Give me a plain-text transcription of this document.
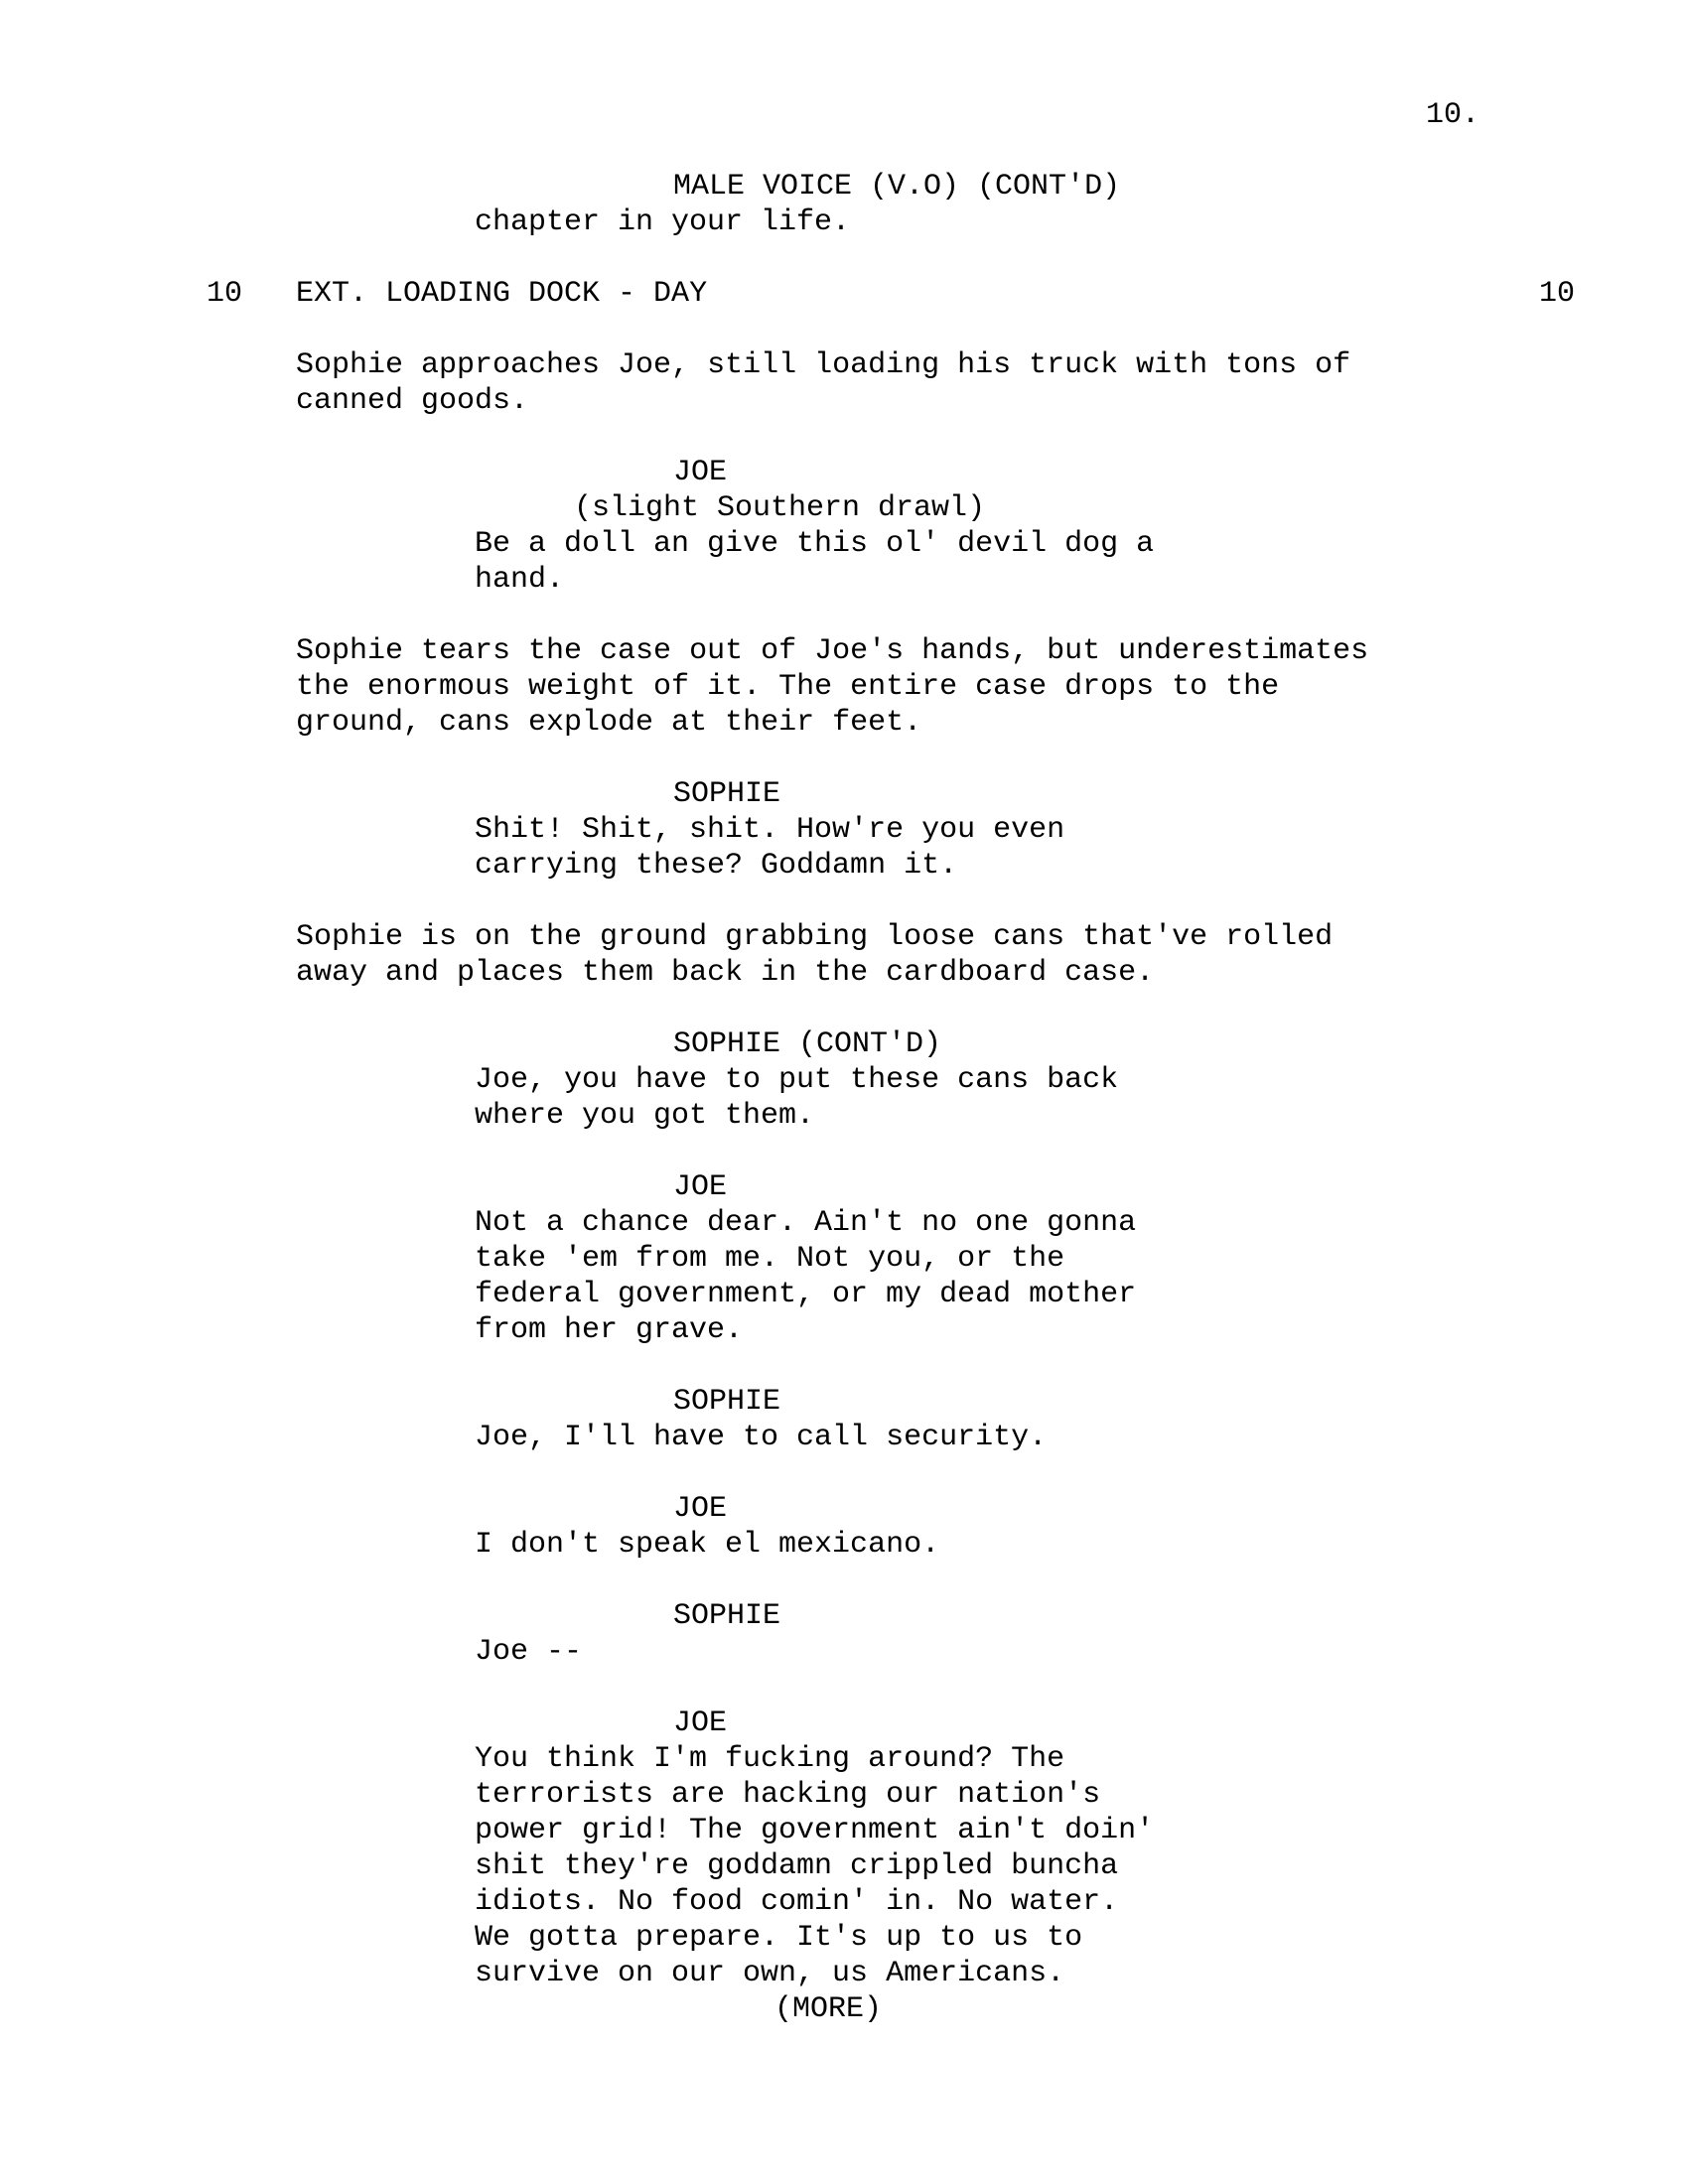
10.
MALE VOICE (V.O) (CONT'D)
chapter in your life.
10 EXT. LOADING DOCK - DAY	10
Sophie approaches Joe, still loading his truck with tons of
canned goods.
JOE
(slight Southern drawl)
Be a doll an give this ol' devil dog a
hand.
Sophie tears the case out of Joe's hands, but underestimates
the enormous weight of it. The entire case drops to the
ground, cans explode at their feet.
SOPHIE
Shit! Shit, shit. How're you even
carrying these? Goddamn it.
Sophie is on the ground grabbing loose cans that've rolled
away and places them back in the cardboard case.
SOPHIE (CONT'D)
Joe, you have to put these cans back
where you got them.
JOE
Not a chance dear. Ain't no one gonna
take 'em from me. Not you, or the
federal government, or my dead mother
from her grave.
SOPHIE
Joe, I'll have to call security.
JOE
I don't speak el mexicano.
SOPHIE
Joe --
JOE
You think I'm fucking around? The
terrorists are hacking our nation's
power grid! The government ain't doin'
shit they're goddamn crippled buncha
idiots. No food comin' in. No water.
We gotta prepare. It's up to us to
survive on our own, us Americans.
(MORE)
